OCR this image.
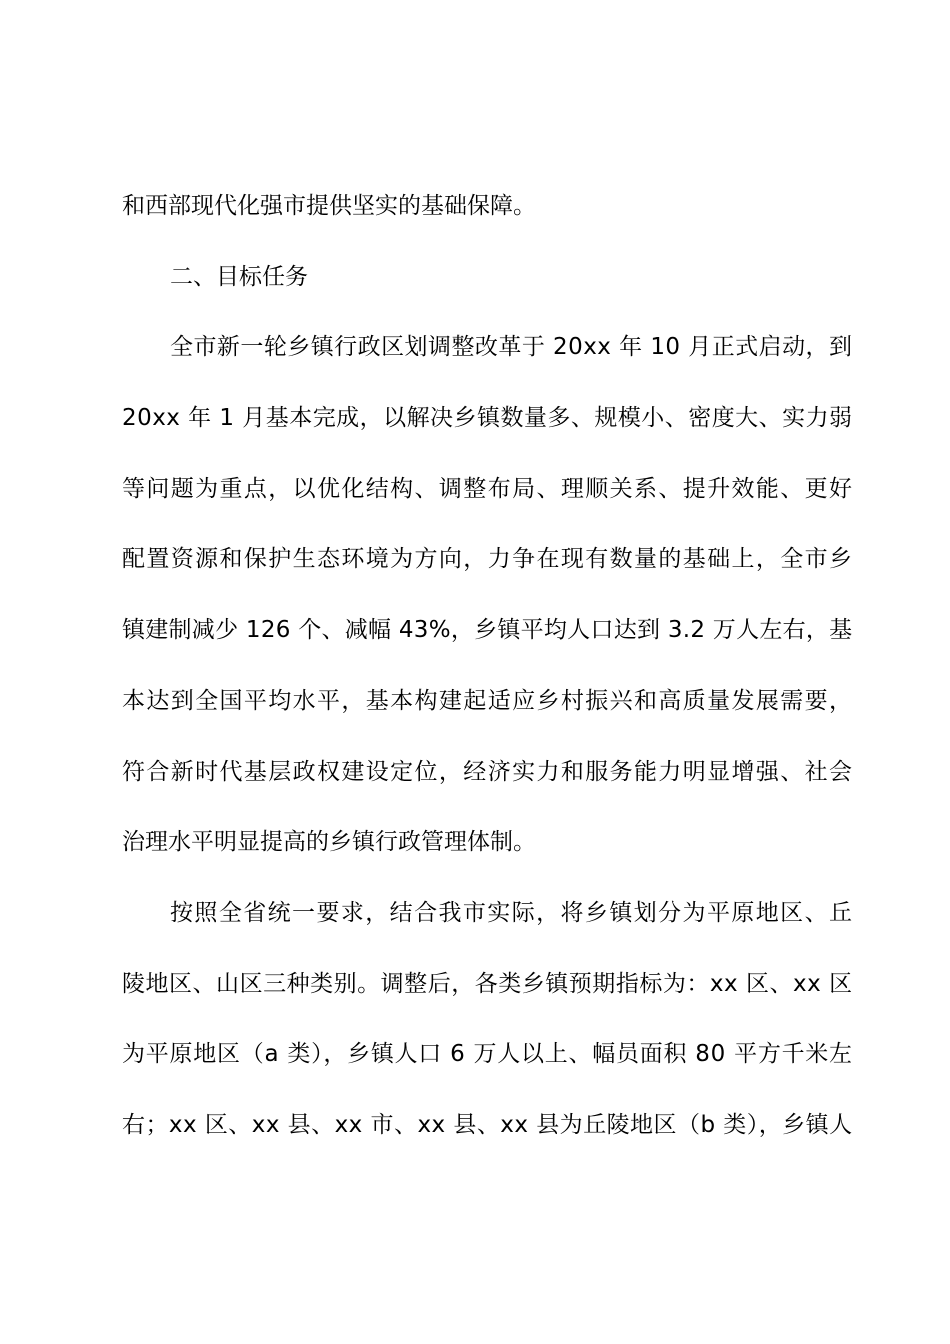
和西部现代化强市提供坚实的基础保障。
二、目标任务
全市新一轮乡镇行政区划调整改革于 20xx 年 10 月正式启动，到
20xx 年 1 月基本完成，以解决乡镇数量多、规模小、密度大、实力弱
等问题为重点，以优化结构、调整布局、理顺关系、提升效能、更好
配置资源和保护生态环境为方向，力争在现有数量的基础上，全市乡
镇建制减少 126 个、减幅 43%，乡镇平均人口达到 3.2 万人左右，基
本达到全国平均水平，基本构建起适应乡村振兴和高质量发展需要，
符合新时代基层政权建设定位，经济实力和服务能力明显增强、社会
治理水平明显提高的乡镇行政管理体制。
按照全省统一要求，结合我市实际，将乡镇划分为平原地区、丘
陵地区、山区三种类别。调整后，各类乡镇预期指标为：xx 区、xx 区
为平原地区（a 类），乡镇人口 6 万人以上、幅员面积 80 平方千米左
右；xx 区、xx 县、xx 市、xx 县、xx 县为丘陵地区（b 类），乡镇人
